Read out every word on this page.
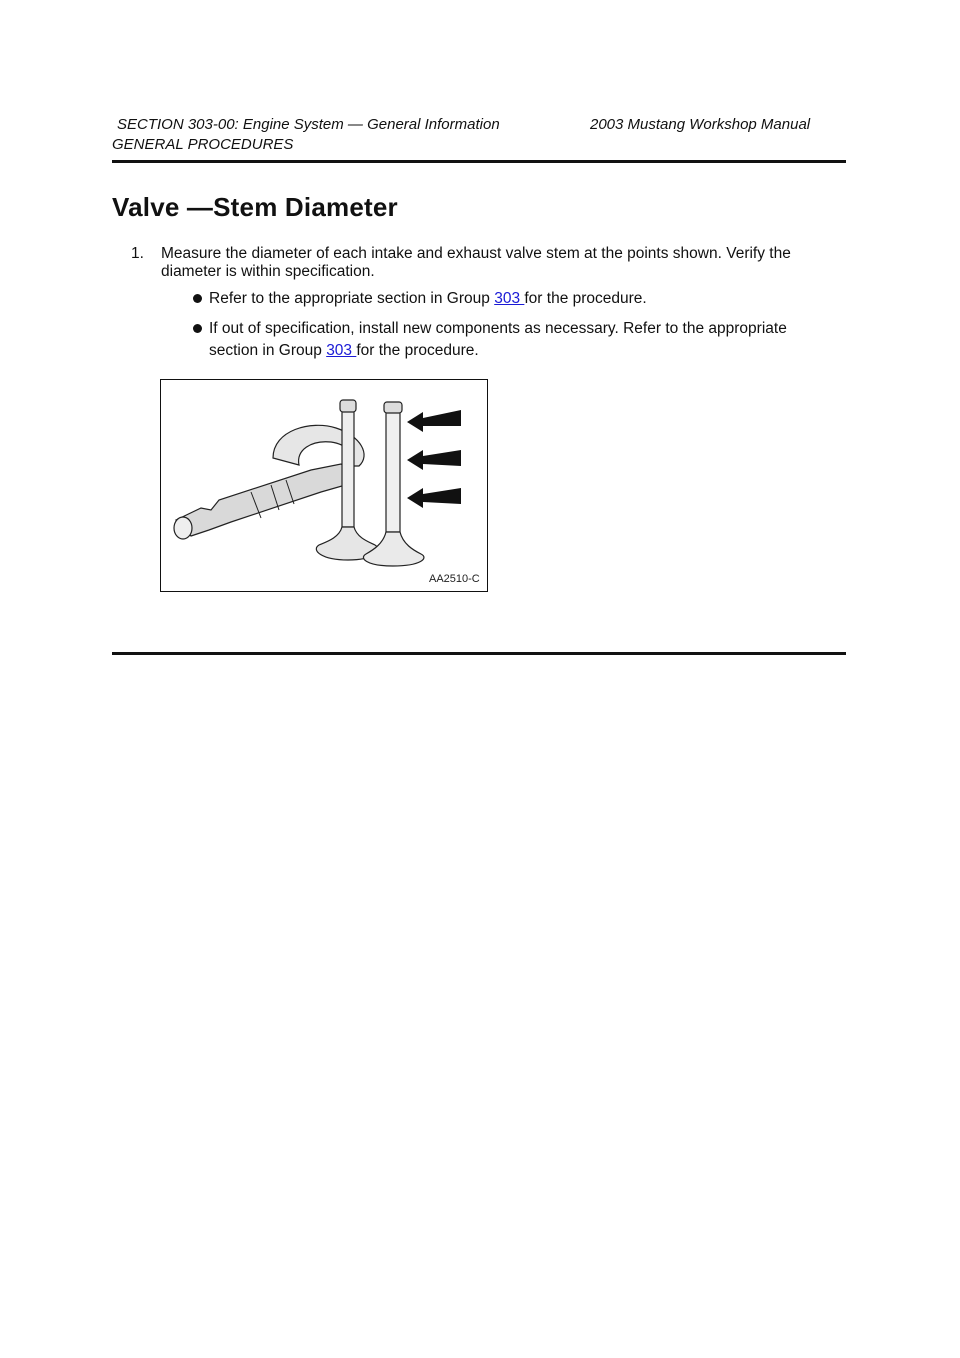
SECTION 303-00: Engine System — General Information	2003 Mustang Workshop Manual
GENERAL PROCEDURES
Valve —Stem Diameter
1. Measure the diameter of each intake and exhaust valve stem at the points shown. Verify the diameter is within specification.
Refer to the appropriate section in Group 303 for the procedure.
If out of specification, install new components as necessary. Refer to the appropriate section in Group 303 for the procedure.
AA2510-C
